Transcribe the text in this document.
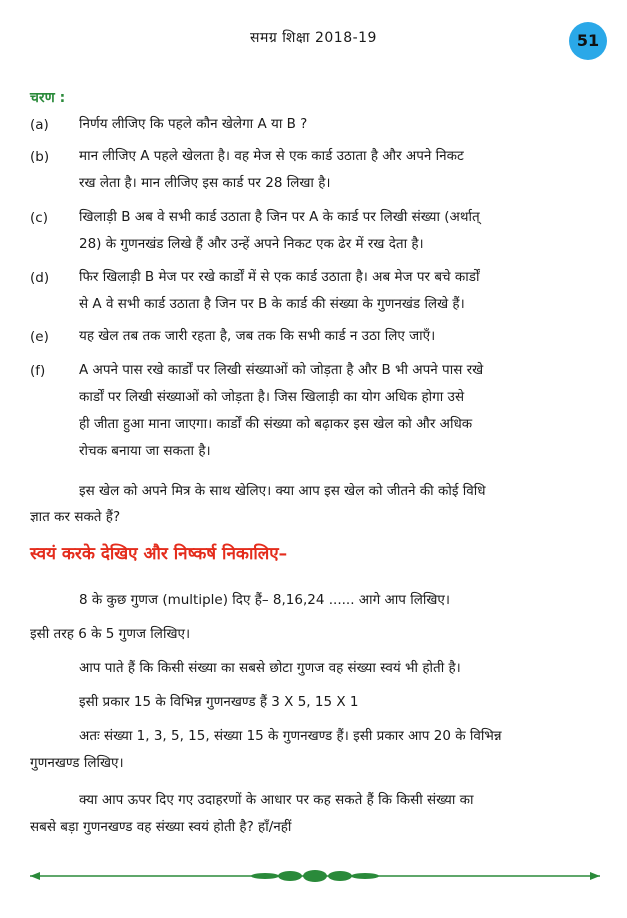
समग्र शिक्षा 2018-19	51
चरण :
(a) निर्णय लीजिए कि पहले कौन खेलेगा A या B ?
(b) मान लीजिए A पहले खेलता है। वह मेज से एक कार्ड उठाता है और अपने निकट
रख लेता है। मान लीजिए इस कार्ड पर 28 लिखा है।
(c) खिलाड़ी B अब वे सभी कार्ड उठाता है जिन पर A के कार्ड पर लिखी संख्या (अर्थात्
28) के गुणनखंड लिखे हैं और उन्हें अपने निकट एक ढेर में रख देता है।
(d) फिर खिलाड़ी B मेज पर रखे कार्डों में से एक कार्ड उठाता है। अब मेज पर बचे कार्डों
से A वे सभी कार्ड उठाता है जिन पर B के कार्ड की संख्या के गुणनखंड लिखे हैं।
(e) यह खेल तब तक जारी रहता है, जब तक कि सभी कार्ड न उठा लिए जाएँ।
(f) A अपने पास रखे कार्डों पर लिखी संख्याओं को जोड़ता है और B भी अपने पास रखे
कार्डों पर लिखी संख्याओं को जोड़ता है। जिस खिलाड़ी का योग अधिक होगा उसे
ही जीता हुआ माना जाएगा। कार्डों की संख्या को बढ़ाकर इस खेल को और अधिक
रोचक बनाया जा सकता है।
इस खेल को अपने मित्र के साथ खेलिए। क्या आप इस खेल को जीतने की कोई विधि
ज्ञात कर सकते हैं?
स्वयं करके देखिए और निष्कर्ष निकालिए–
8 के कुछ गुणज (multiple) दिए हैं– 8,16,24 ...... आगे आप लिखिए।
इसी तरह 6 के 5 गुणज लिखिए।
आप पाते हैं कि किसी संख्या का सबसे छोटा गुणज वह संख्या स्वयं भी होती है।
इसी प्रकार 15 के विभिन्न गुणनखण्ड हैं 3 X 5, 15 X 1
अतः संख्या 1, 3, 5, 15, संख्या 15 के गुणनखण्ड हैं। इसी प्रकार आप 20 के विभिन्न
गुणनखण्ड लिखिए।
क्या आप ऊपर दिए गए उदाहरणों के आधार पर कह सकते हैं कि किसी संख्या का
सबसे बड़ा गुणनखण्ड वह संख्या स्वयं होती है? हाँ/नहीं
